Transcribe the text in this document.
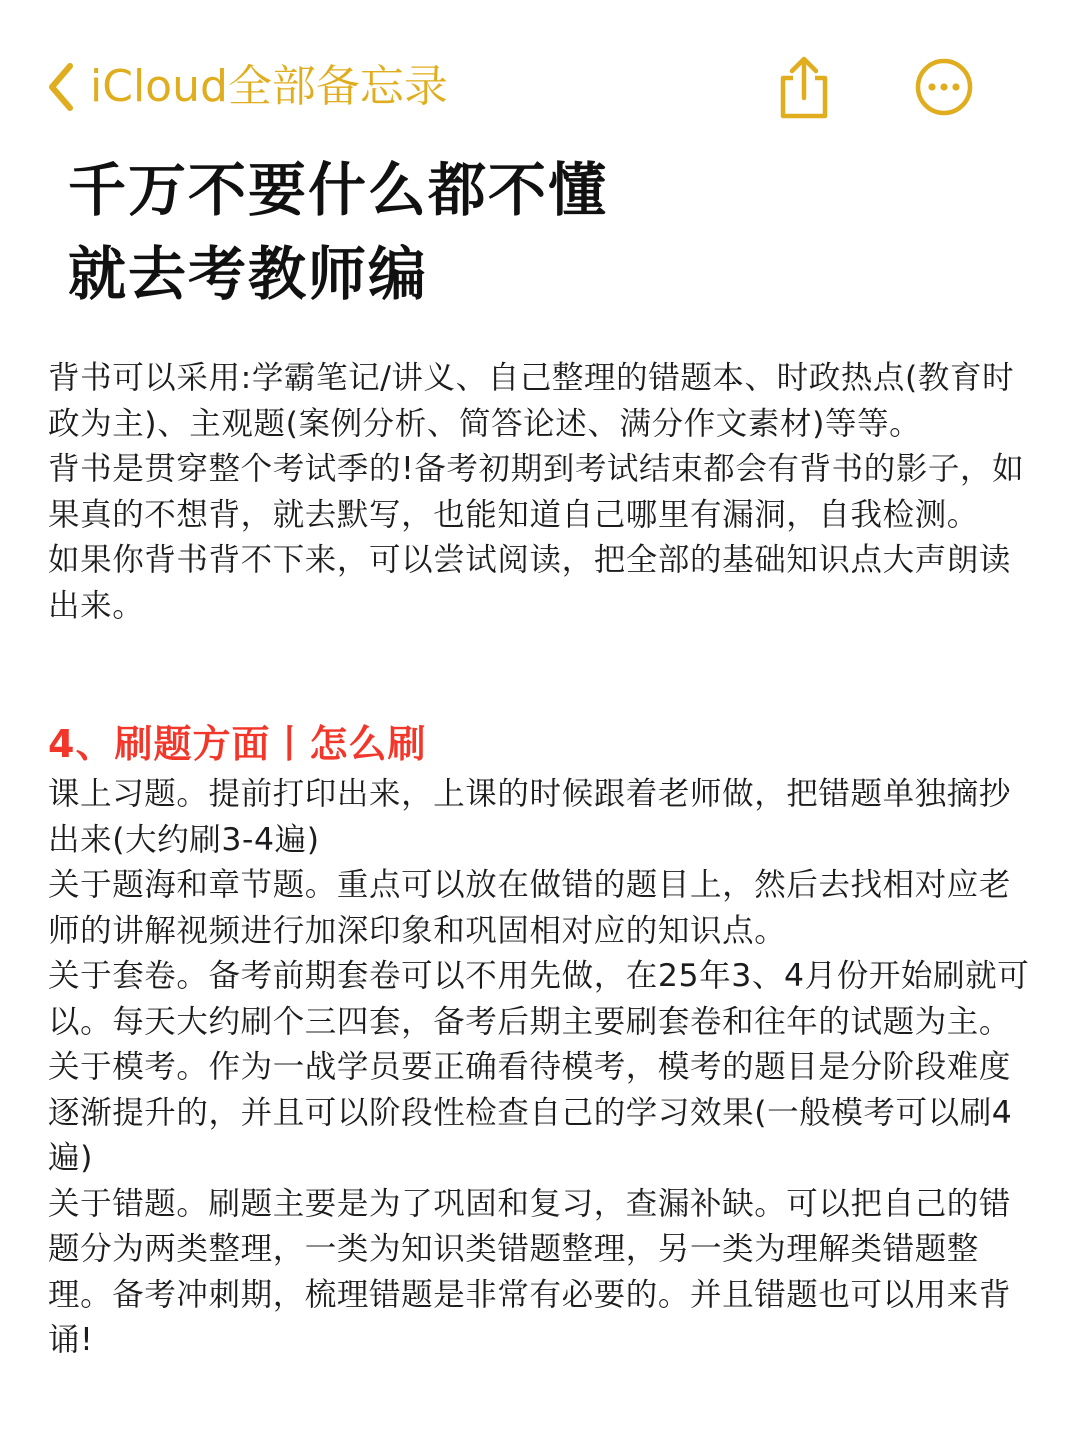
iCloud全部备忘录
千万不要什么都不懂
就去考教师编

背书可以采用:学霸笔记/讲义、自己整理的错题本、时政热点(教育时政为主)、主观题(案例分析、简答论述、满分作文素材)等等。

背书是贯穿整个考试季的!备考初期到考试结束都会有背书的影子，如果真的不想背，就去默写，也能知道自己哪里有漏洞，自我检测。

如果你背书背不下来，可以尝试阅读，把全部的基础知识点大声朗读出来。

4、刷题方面丨怎么刷

课上习题。提前打印出来，上课的时候跟着老师做，把错题单独摘抄出来(大约刷3-4遍)

关于题海和章节题。重点可以放在做错的题目上，然后去找相对应老师的讲解视频进行加深印象和巩固相对应的知识点。

关于套卷。备考前期套卷可以不用先做，在25年3、4月份开始刷就可以。每天大约刷个三四套，备考后期主要刷套卷和往年的试题为主。

关于模考。作为一战学员要正确看待模考，模考的题目是分阶段难度逐渐提升的，并且可以阶段性检查自己的学习效果(一般模考可以刷4遍)

关于错题。刷题主要是为了巩固和复习，查漏补缺。可以把自己的错题分为两类整理，一类为知识类错题整理，另一类为理解类错题整理。备考冲刺期，梳理错题是非常有必要的。并且错题也可以用来背诵!
